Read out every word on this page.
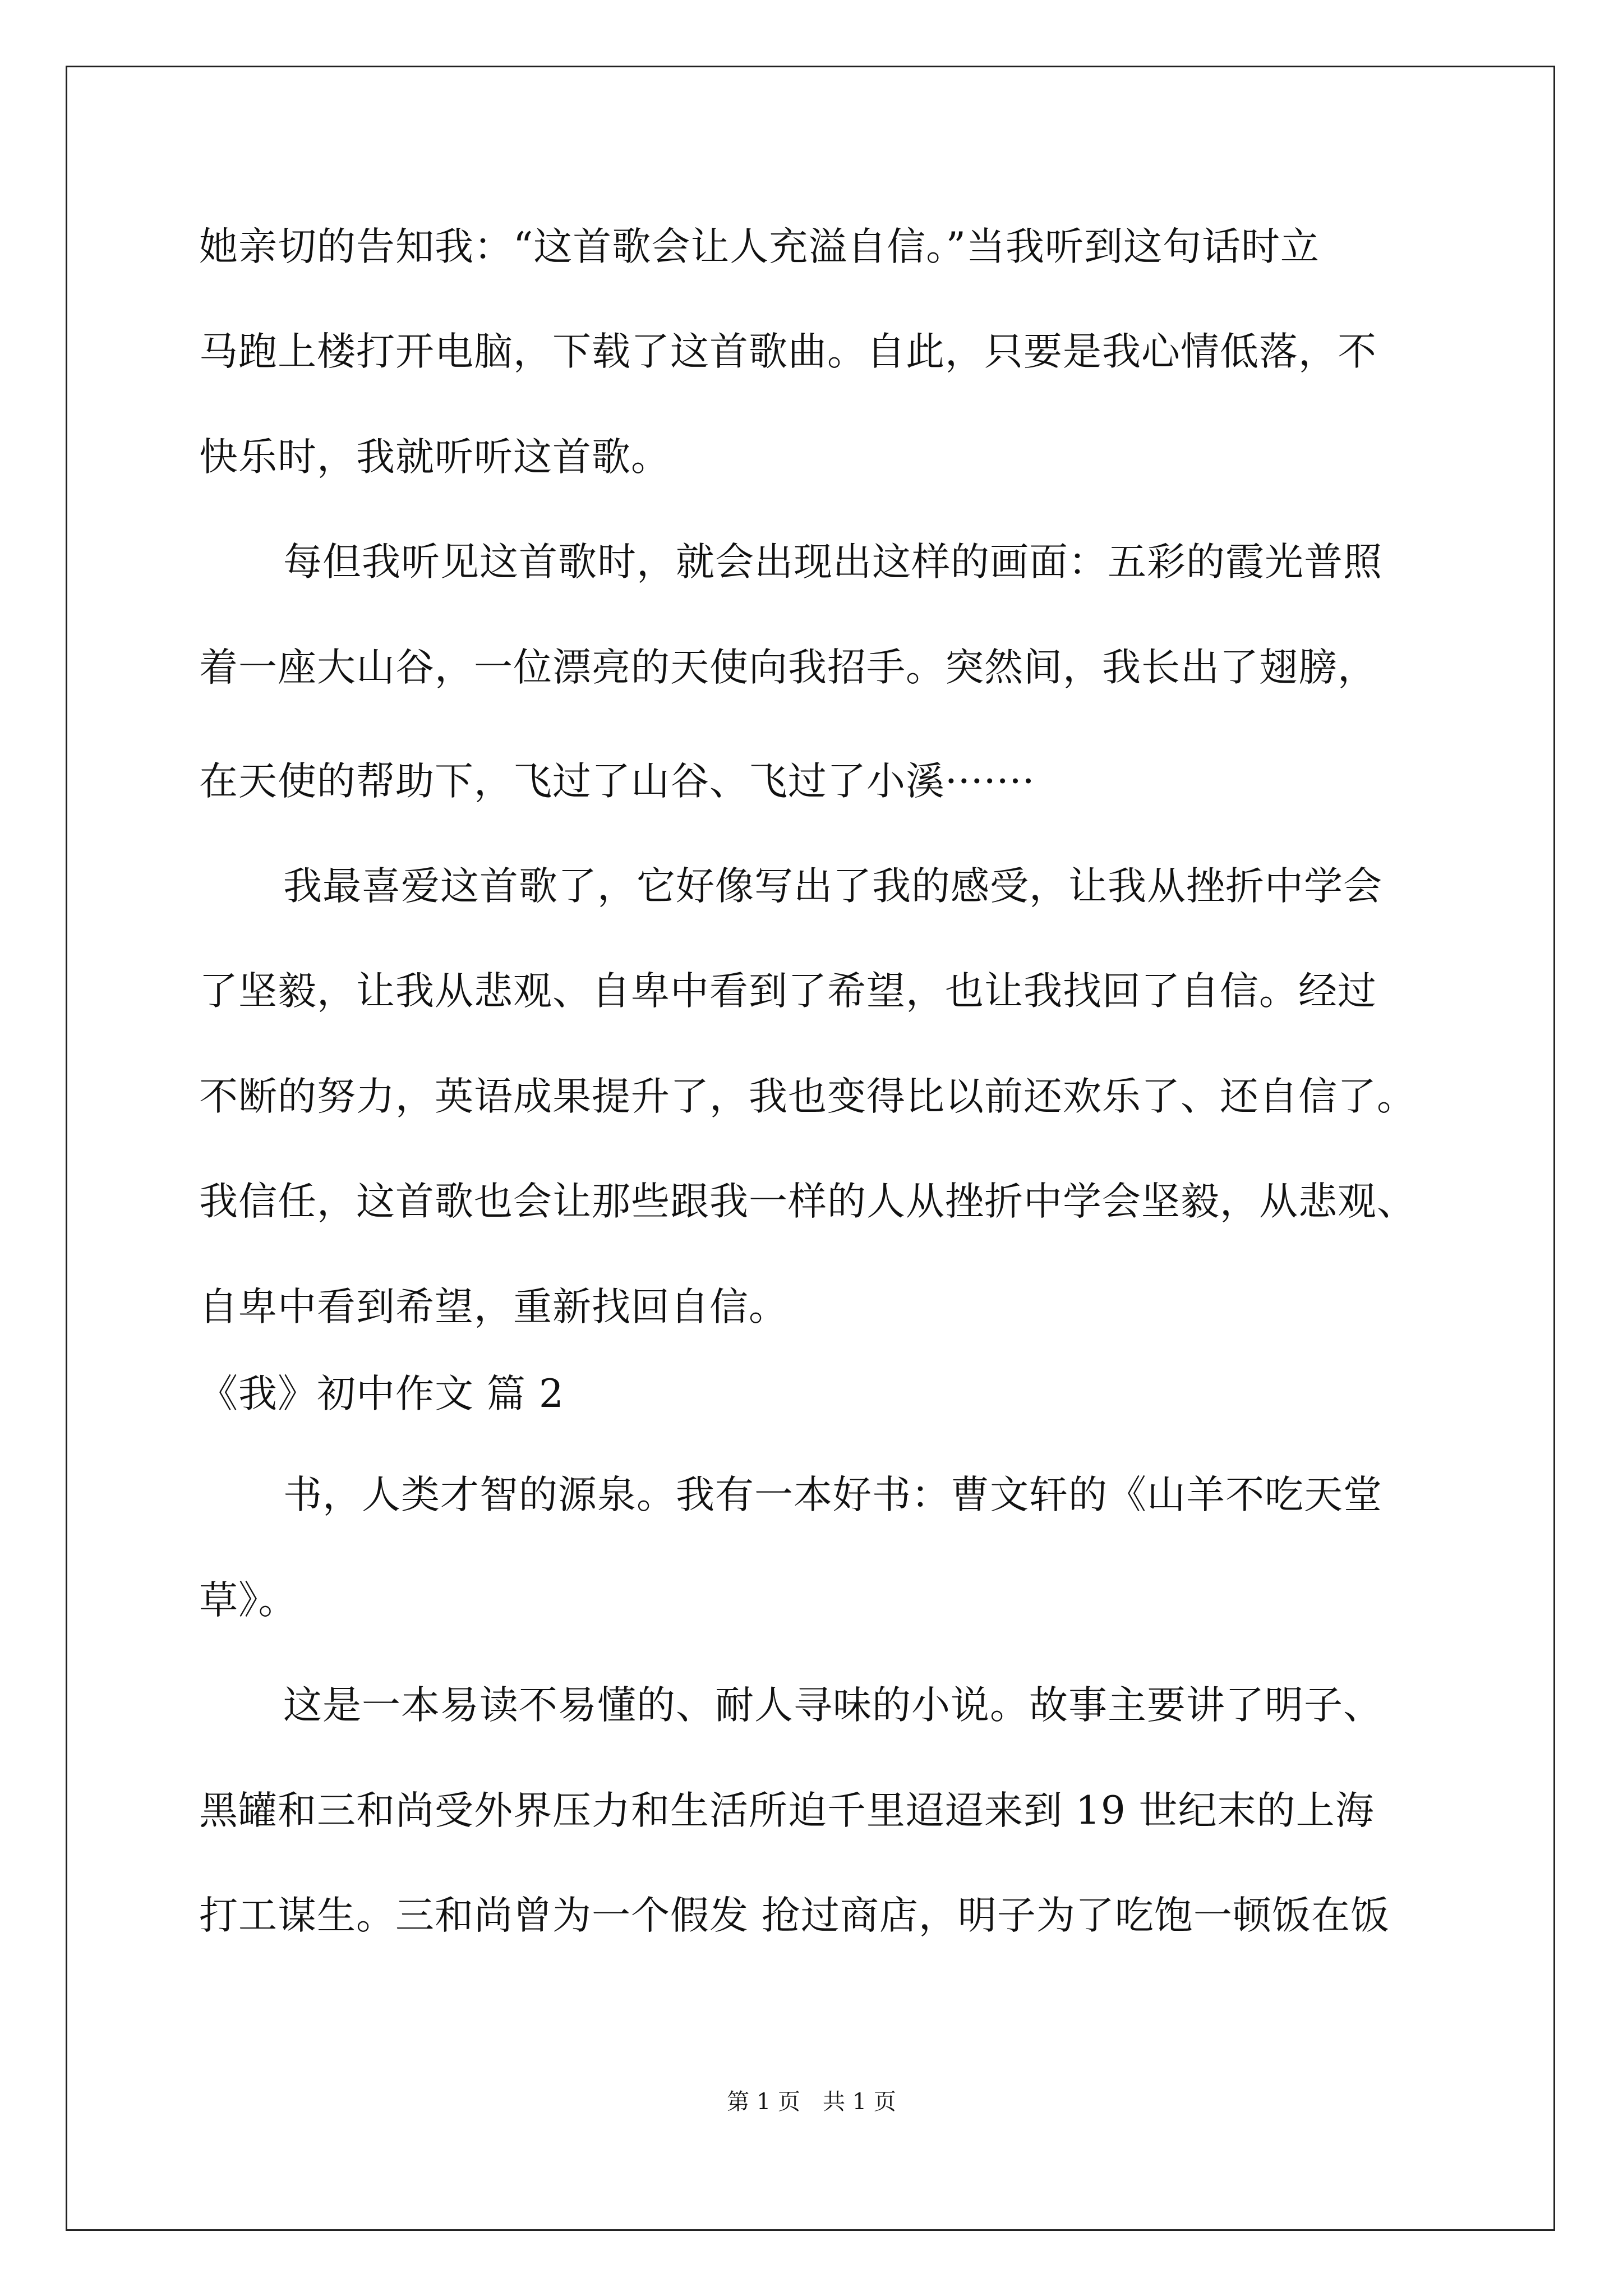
她亲切的告知我：“这首歌会让人充溢自信。”当我听到这句话时立
马跑上楼打开电脑，下载了这首歌曲。自此，只要是我心情低落，不
快乐时，我就听听这首歌。
每但我听见这首歌时，就会出现出这样的画面：五彩的霞光普照
着一座大山谷，一位漂亮的天使向我招手。突然间，我长出了翅膀，
在天使的帮助下，飞过了山谷、飞过了小溪·······
我最喜爱这首歌了，它好像写出了我的感受，让我从挫折中学会
了坚毅，让我从悲观、自卑中看到了希望，也让我找回了自信。经过
不断的努力，英语成果提升了，我也变得比以前还欢乐了、还自信了。
我信任，这首歌也会让那些跟我一样的人从挫折中学会坚毅，从悲观、
自卑中看到希望，重新找回自信。
《我》初中作文 篇 2
书，人类才智的源泉。我有一本好书：曹文轩的《山羊不吃天堂
草》。
这是一本易读不易懂的、耐人寻味的小说。故事主要讲了明子、
黑罐和三和尚受外界压力和生活所迫千里迢迢来到 19 世纪末的上海
打工谋生。三和尚曾为一个假发 抢过商店，明子为了吃饱一顿饭在饭
第 1 页　共 1 页
